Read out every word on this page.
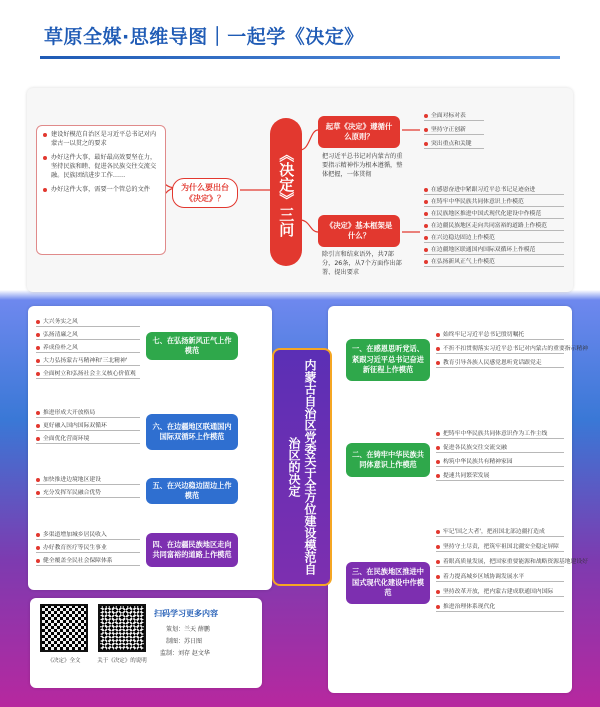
草原全媒·思维导图｜一起学《决定》

建设好模范自治区是习近平总书记对内蒙古一以贯之的要求

办好这件大事，最好最高效要坚在力，坚持民族和睦、促进各民族交往交流交融。民族团结进步工作……

办好这件大事，需要一个管总的文件	为什么要出台《决定》？	《决定》三问
起草《决定》遵循什么原则？
把习近平总书记对内蒙古的重要指示精神作为根本遵循，整体把握，一体贯彻
全面对标对表
坚持守正创新
突出重点和关键
《决定》基本框架是什么？
除引言和结束语外，共7部分，26条，从7个方面作出部署、提出要求
在感恩奋进中紧跟习近平总书记足迹奋进
在铸牢中华民族共同体意识上作模范
在民族地区推进中国式现代化建设中作模范
在边疆民族地区走向共同富裕的道路上作模范
在兴边稳边固边上作模范
在边疆地区联通国内国际双循环上作模范
在弘扬新风正气上作模范
内蒙古自治区党委关于全方位建设模范自治区的决定
一、在感恩思听党话、紧跟习近平总书记奋进新征程上作模范
二、在铸牢中华民族共同体意识上作模范
三、在民族地区推进中国式现代化建设中作模范
七、在弘扬新风正气上作模范
六、在边疆地区联通国内国际双循环上作模范
五、在兴边稳边固边上作模范
四、在边疆民族地区走向共同富裕的道路上作模范
始终牢记习近平总书记殷切嘱托
不折不扣贯彻落实习近平总书记对内蒙古的重要指示精神
教育引导各族人民感党恩听党话跟党走
把铸牢中华民族共同体意识作为工作主线
促进各民族交往交流交融
构筑中华民族共有精神家园
提速共同繁荣发展
牢记'国之大者'，把祖国北部边疆打造成
坚持守土尽责，把筑牢祖国北疆安全稳定屏障
着眼高质量发展，把国家重要能源和战略资源基地建设好
着力提高城乡区域协调发展水平
坚持改革开放，把内蒙古建成联通国内国际
推进治理体系现代化
大兴务实之风
弘扬清廉之风
养成俭朴之风
大力弘扬蒙古马精神和'三北精神'
全面树立和弘扬社会主义核心价值观
推进形成大开放格局
更好融入国内国际双循环
全面优化营商环境
加快推进边境地区建设
充分发挥军民融合优势
多渠道增加城乡居民收入
办好教育医疗等民生事业
健全覆盖全民社会保障体系
《决定》全文	关于《决定》的说明
扫码学习更多内容
策划：兰天 薛鹏
制图：苏日图
监制：刘存 赵文华
